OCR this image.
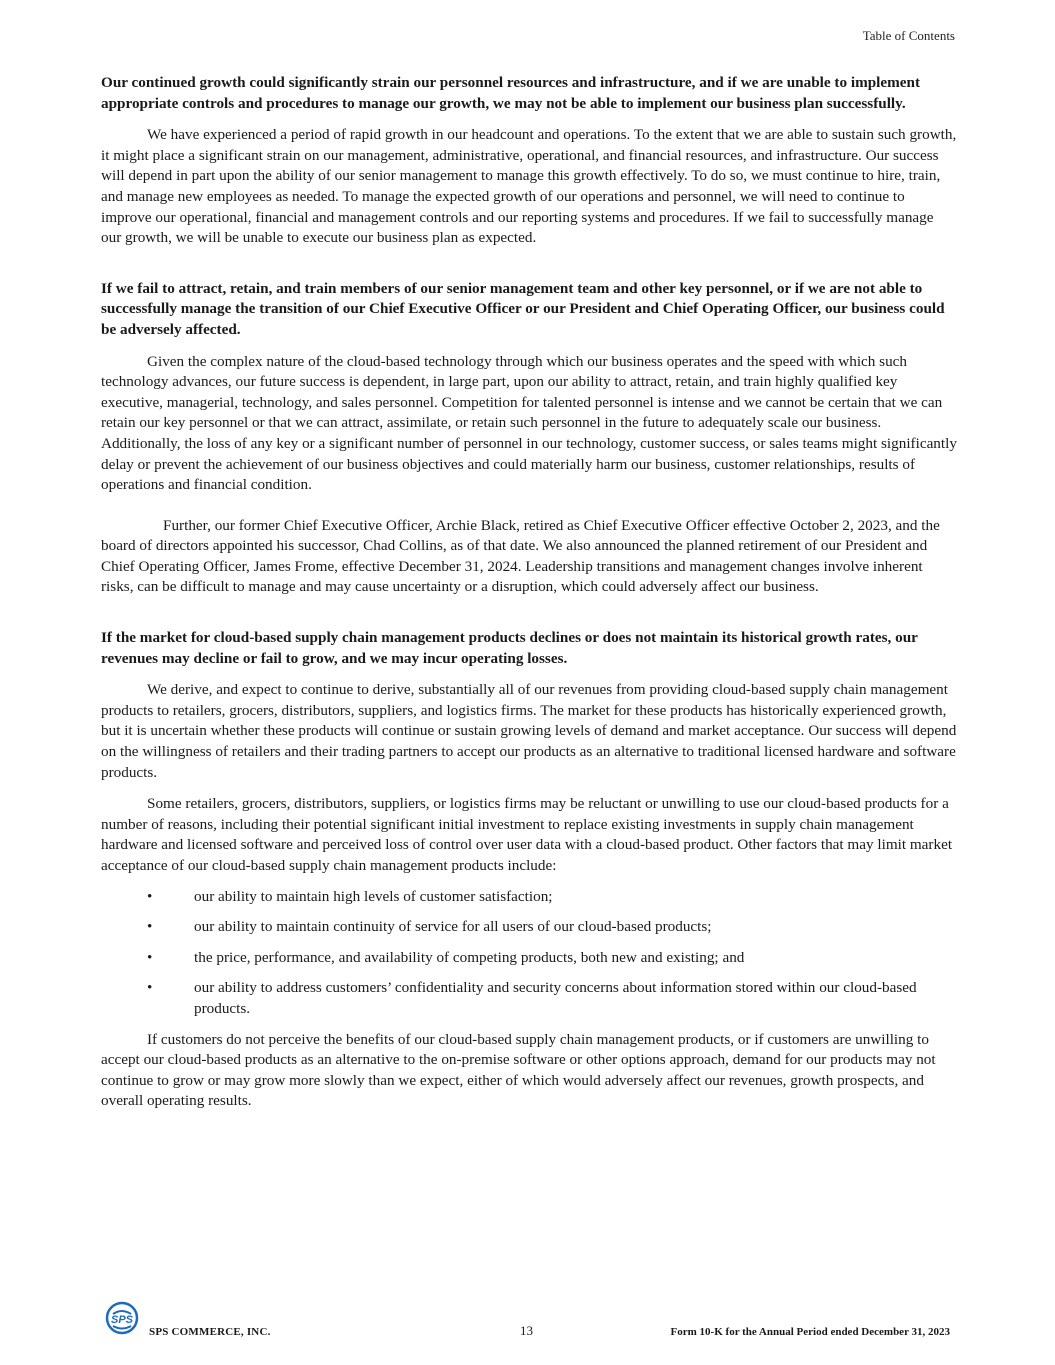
Table of Contents

Our continued growth could significantly strain our personnel resources and infrastructure, and if we are unable to implement appropriate controls and procedures to manage our growth, we may not be able to implement our business plan successfully.

We have experienced a period of rapid growth in our headcount and operations. To the extent that we are able to sustain such growth, it might place a significant strain on our management, administrative, operational, and financial resources, and infrastructure. Our success will depend in part upon the ability of our senior management to manage this growth effectively. To do so, we must continue to hire, train, and manage new employees as needed. To manage the expected growth of our operations and personnel, we will need to continue to improve our operational, financial and management controls and our reporting systems and procedures. If we fail to successfully manage our growth, we will be unable to execute our business plan as expected.

If we fail to attract, retain, and train members of our senior management team and other key personnel, or if we are not able to successfully manage the transition of our Chief Executive Officer or our President and Chief Operating Officer, our business could be adversely affected.

Given the complex nature of the cloud-based technology through which our business operates and the speed with which such technology advances, our future success is dependent, in large part, upon our ability to attract, retain, and train highly qualified key executive, managerial, technology, and sales personnel. Competition for talented personnel is intense and we cannot be certain that we can retain our key personnel or that we can attract, assimilate, or retain such personnel in the future to adequately scale our business. Additionally, the loss of any key or a significant number of personnel in our technology, customer success, or sales teams might significantly delay or prevent the achievement of our business objectives and could materially harm our business, customer relationships, results of operations and financial condition.

Further, our former Chief Executive Officer, Archie Black, retired as Chief Executive Officer effective October 2, 2023, and the board of directors appointed his successor, Chad Collins, as of that date. We also announced the planned retirement of our President and Chief Operating Officer, James Frome, effective December 31, 2024. Leadership transitions and management changes involve inherent risks, can be difficult to manage and may cause uncertainty or a disruption, which could adversely affect our business.

If the market for cloud-based supply chain management products declines or does not maintain its historical growth rates, our revenues may decline or fail to grow, and we may incur operating losses.

We derive, and expect to continue to derive, substantially all of our revenues from providing cloud-based supply chain management products to retailers, grocers, distributors, suppliers, and logistics firms. The market for these products has historically experienced growth, but it is uncertain whether these products will continue or sustain growing levels of demand and market acceptance. Our success will depend on the willingness of retailers and their trading partners to accept our products as an alternative to traditional licensed hardware and software products.

Some retailers, grocers, distributors, suppliers, or logistics firms may be reluctant or unwilling to use our cloud-based products for a number of reasons, including their potential significant initial investment to replace existing investments in supply chain management hardware and licensed software and perceived loss of control over user data with a cloud-based product. Other factors that may limit market acceptance of our cloud-based supply chain management products include:

•	our ability to maintain high levels of customer satisfaction;
•	our ability to maintain continuity of service for all users of our cloud-based products;
•	the price, performance, and availability of competing products, both new and existing; and
•	our ability to address customers’ confidentiality and security concerns about information stored within our cloud-based products.

If customers do not perceive the benefits of our cloud-based supply chain management products, or if customers are unwilling to accept our cloud-based products as an alternative to the on-premise software or other options approach, demand for our products may not continue to grow or may grow more slowly than we expect, either of which would adversely affect our revenues, growth prospects, and overall operating results.

SPS
SPS COMMERCE, INC.	13	Form 10-K for the Annual Period ended December 31, 2023
